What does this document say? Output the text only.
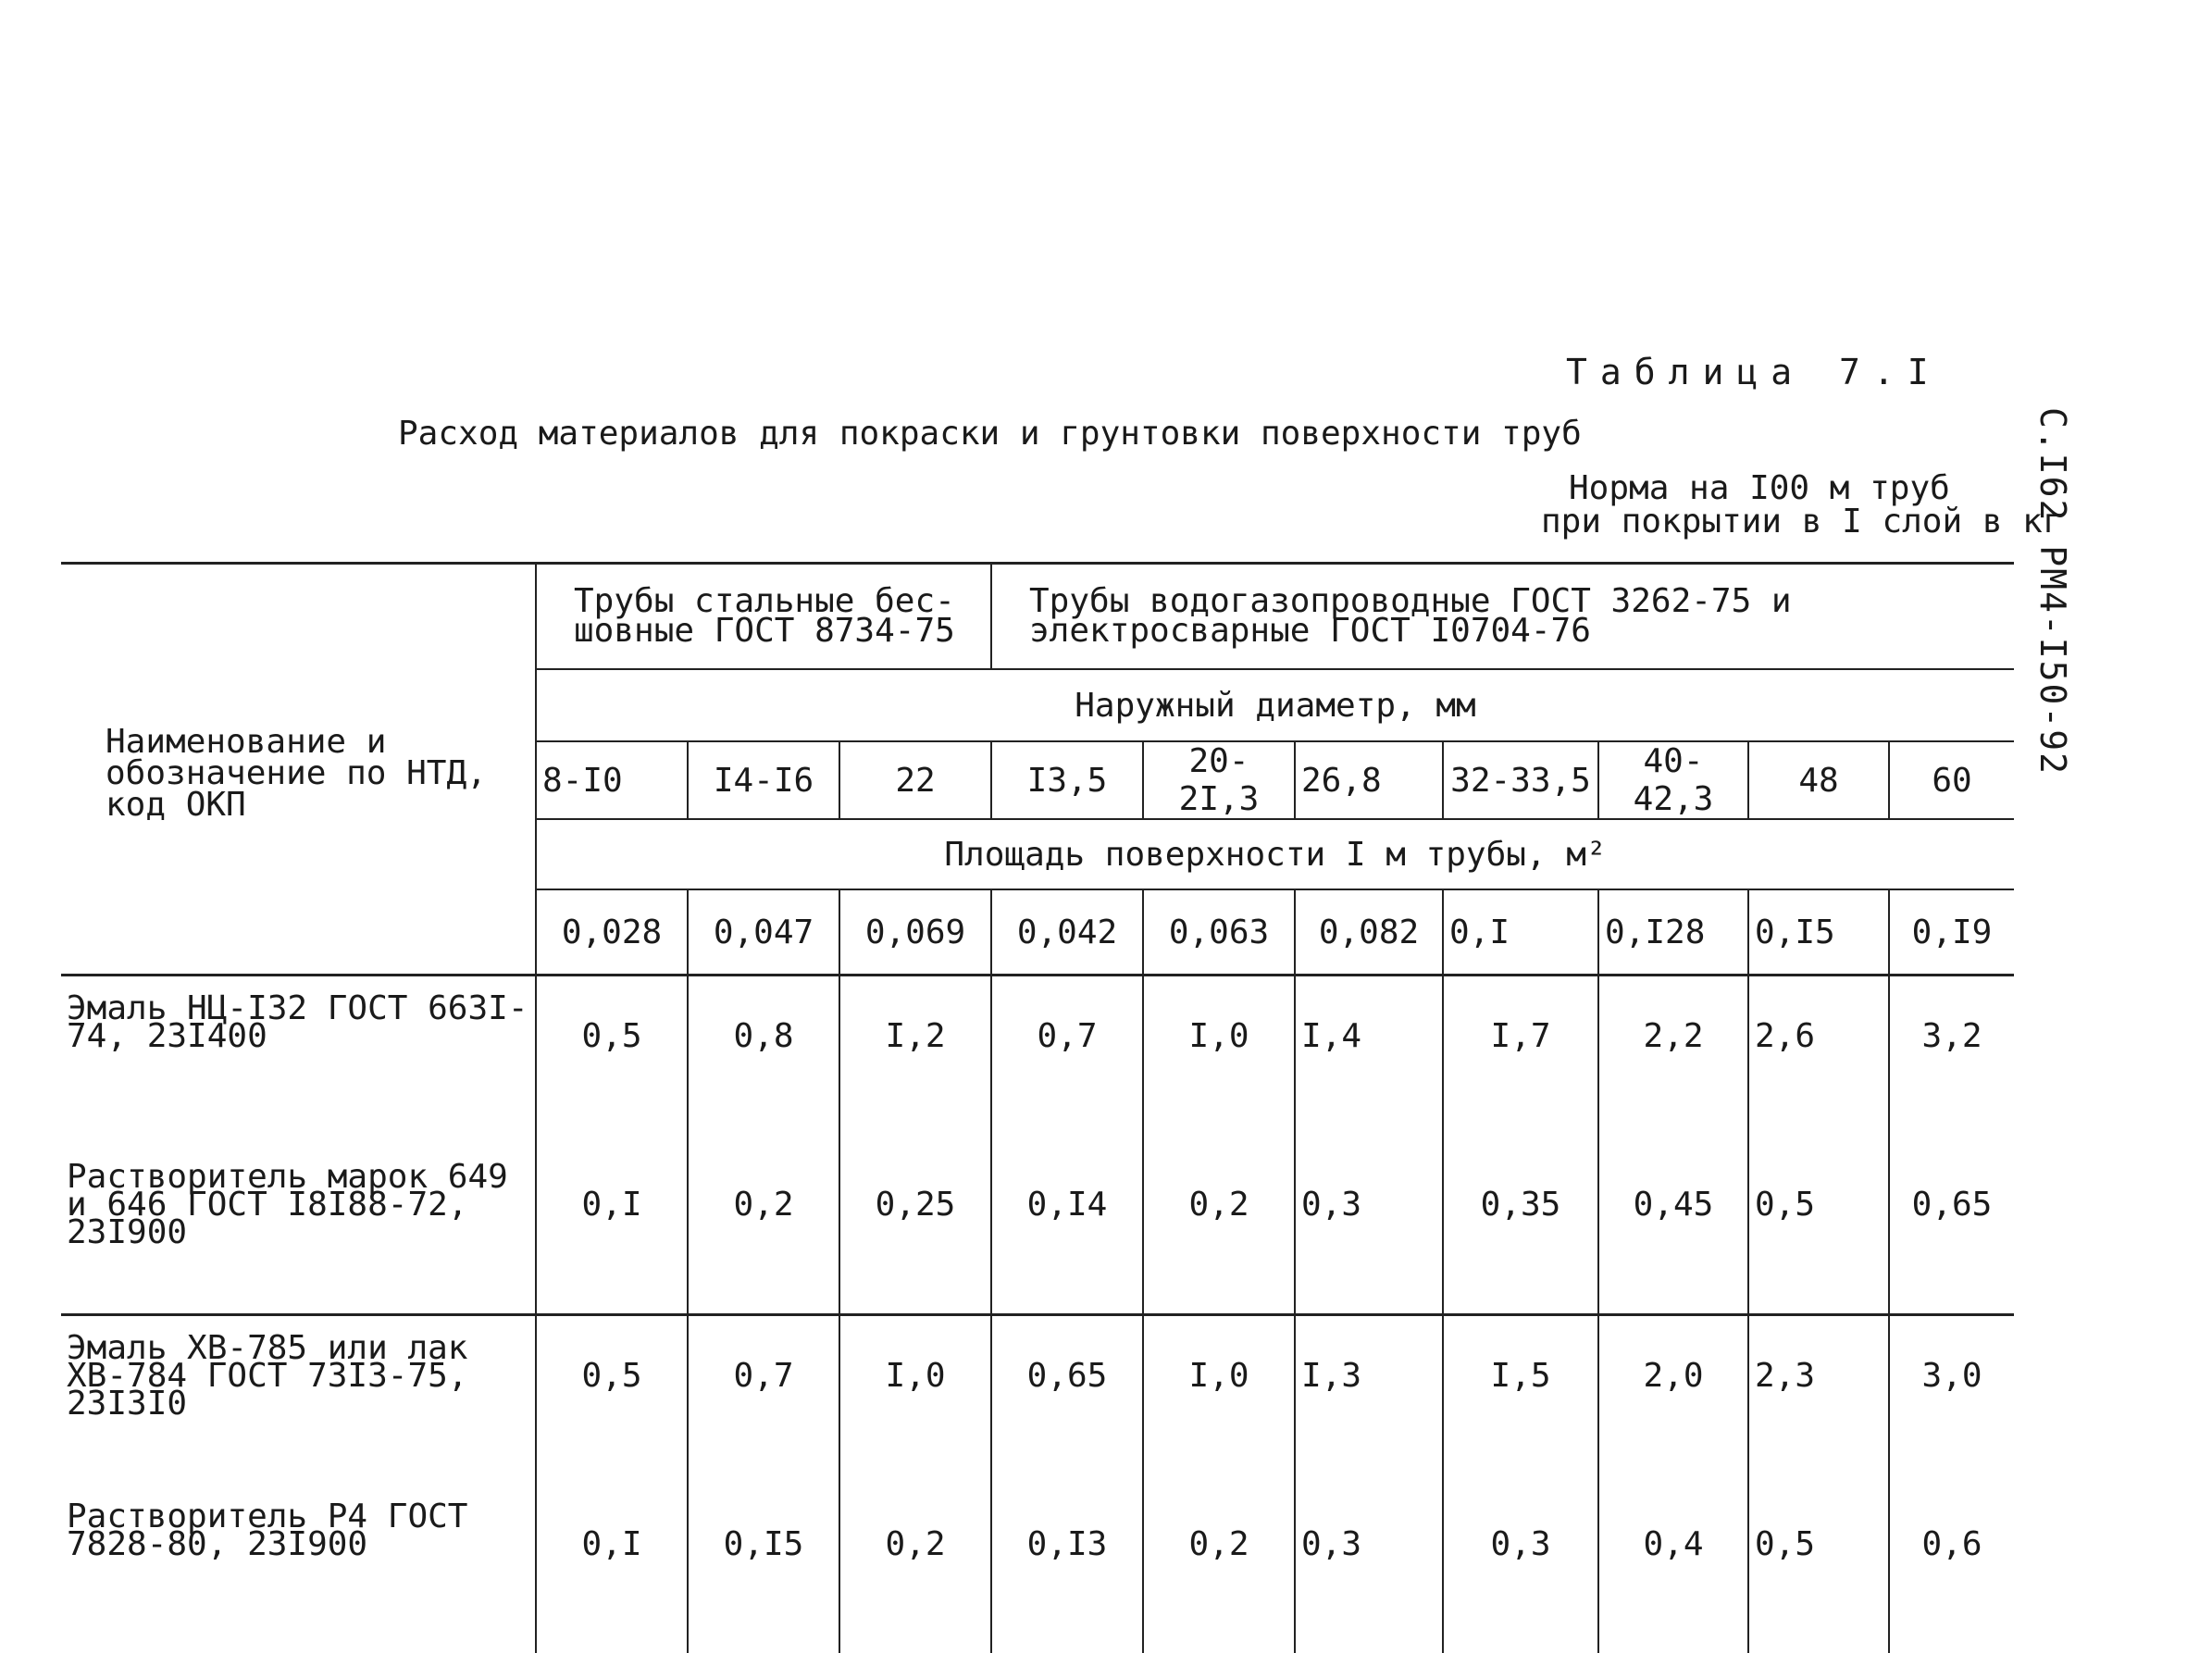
Таблица 7.I
Расход материалов для покраски и грунтовки поверхности труб
Норма на I00 м труб
при покрытии в I слой в кг
С.I62 РМ4-I50-92
Наименование и обозначение по НТД, код ОКП	Трубы стальные бес-шовные ГОСТ 8734-75			Трубы водогазопроводные ГОСТ 3262-75 и электросварные ГОСТ I0704-76						
	Наружный диаметр, мм									
	8-I0	I4-I6	22	I3,5	20-2I,3	26,8	32-33,5	40-42,3	48	60
	Площадь поверхности I м трубы, м²									
	0,028	0,047	0,069	0,042	0,063	0,082	0,I	0,I28	0,I5	0,I9
Эмаль НЦ-I32 ГОСТ 663I-74, 23I400	0,5	0,8	I,2	0,7	I,0	I,4	I,7	2,2	2,6	3,2
Растворитель марок 649 и 646 ГОСТ I8I88-72, 23I900	0,I	0,2	0,25	0,I4	0,2	0,3	0,35	0,45	0,5	0,65
Эмаль ХВ-785 или лак ХВ-784 ГОСТ 73I3-75, 23I3I0	0,5	0,7	I,0	0,65	I,0	I,3	I,5	2,0	2,3	3,0
Растворитель Р4 ГОСТ 7828-80, 23I900	0,I	0,I5	0,2	0,I3	0,2	0,3	0,3	0,4	0,5	0,6
